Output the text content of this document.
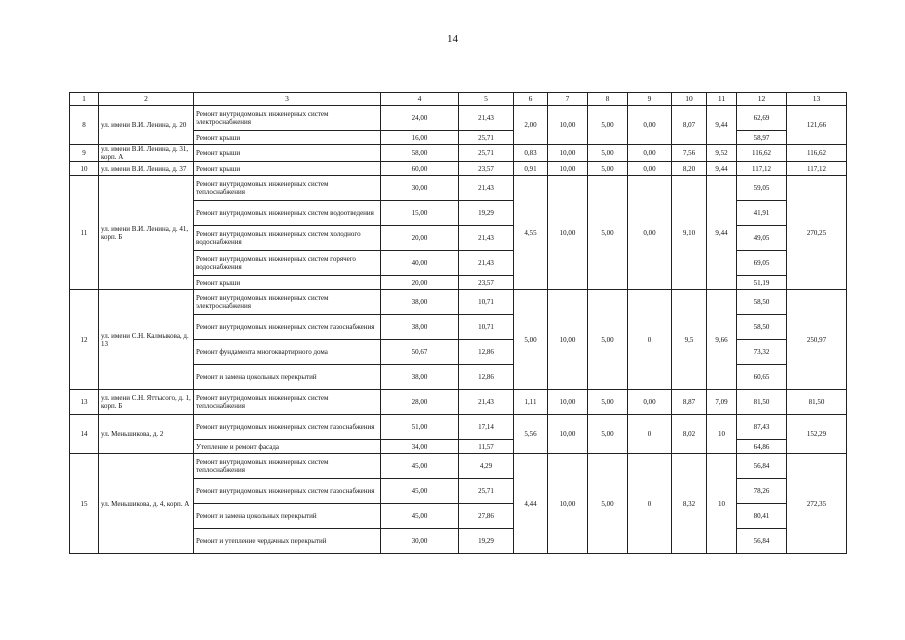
14
1	2	3	4	5	6	7	8	9	10	11	12	13
8	ул. имени В.И. Ленина, д. 20	Ремонт внутридомовых инженерных систем электроснабжения	24,00	21,43	2,00	10,00	5,00	0,00	8,07	9,44	62,69	121,66
		Ремонт крыши	16,00	25,71							58,97	
9	ул. имени В.И. Ленина, д. 31, корп. А	Ремонт крыши	58,00	25,71	0,83	10,00	5,00	0,00	7,56	9,52	116,62	116,62
10	ул. имени В.И. Ленина, д. 37	Ремонт крыши	60,00	23,57	0,91	10,00	5,00	0,00	8,20	9,44	117,12	117,12
11	ул. имени В.И. Ленина, д. 41, корп. Б	Ремонт внутридомовых инженерных систем теплоснабжения	30,00	21,43	4,55	10,00	5,00	0,00	9,10	9,44	59,05	270,25
		Ремонт внутридомовых инженерных систем водоотведения	15,00	19,29							41,91	
		Ремонт внутридомовых инженерных систем холодного водоснабжения	20,00	21,43							49,05	
		Ремонт внутридомовых инженерных систем горячего водоснабжения	40,00	21,43							69,05	
		Ремонт крыши	20,00	23,57							51,19	
12	ул. имени С.Н. Калмыкова, д. 13	Ремонт внутридомовых инженерных систем электроснабжения	38,00	10,71	5,00	10,00	5,00	0	9,5	9,66	58,50	250,97
		Ремонт внутридомовых инженерных систем газоснабжения	38,00	10,71							58,50	
		Ремонт фундамента многоквартирного дома	50,67	12,86							73,32	
		Ремонт и замена цокольных перекрытий	38,00	12,86							60,65	
13	ул. имени С.Н. Яттысого, д. 1, корп. Б	Ремонт внутридомовых инженерных систем теплоснабжения	28,00	21,43	1,11	10,00	5,00	0,00	8,87	7,09	81,50	81,50
14	ул. Меньшикова, д. 2	Ремонт внутридомовых инженерных систем газоснабжения	51,00	17,14	5,56	10,00	5,00	0	8,02	10	87,43	152,29
		Утепление и ремонт фасада	34,00	11,57							64,86	
15	ул. Меньшикова, д. 4, корп. А	Ремонт внутридомовых инженерных систем теплоснабжения	45,00	4,29	4,44	10,00	5,00	0	8,32	10	56,84	272,35
		Ремонт внутридомовых инженерных систем газоснабжения	45,00	25,71							78,26	
		Ремонт и замена цокольных перекрытий	45,00	27,86							80,41	
		Ремонт и утепление чердачных перекрытий	30,00	19,29							56,84	
